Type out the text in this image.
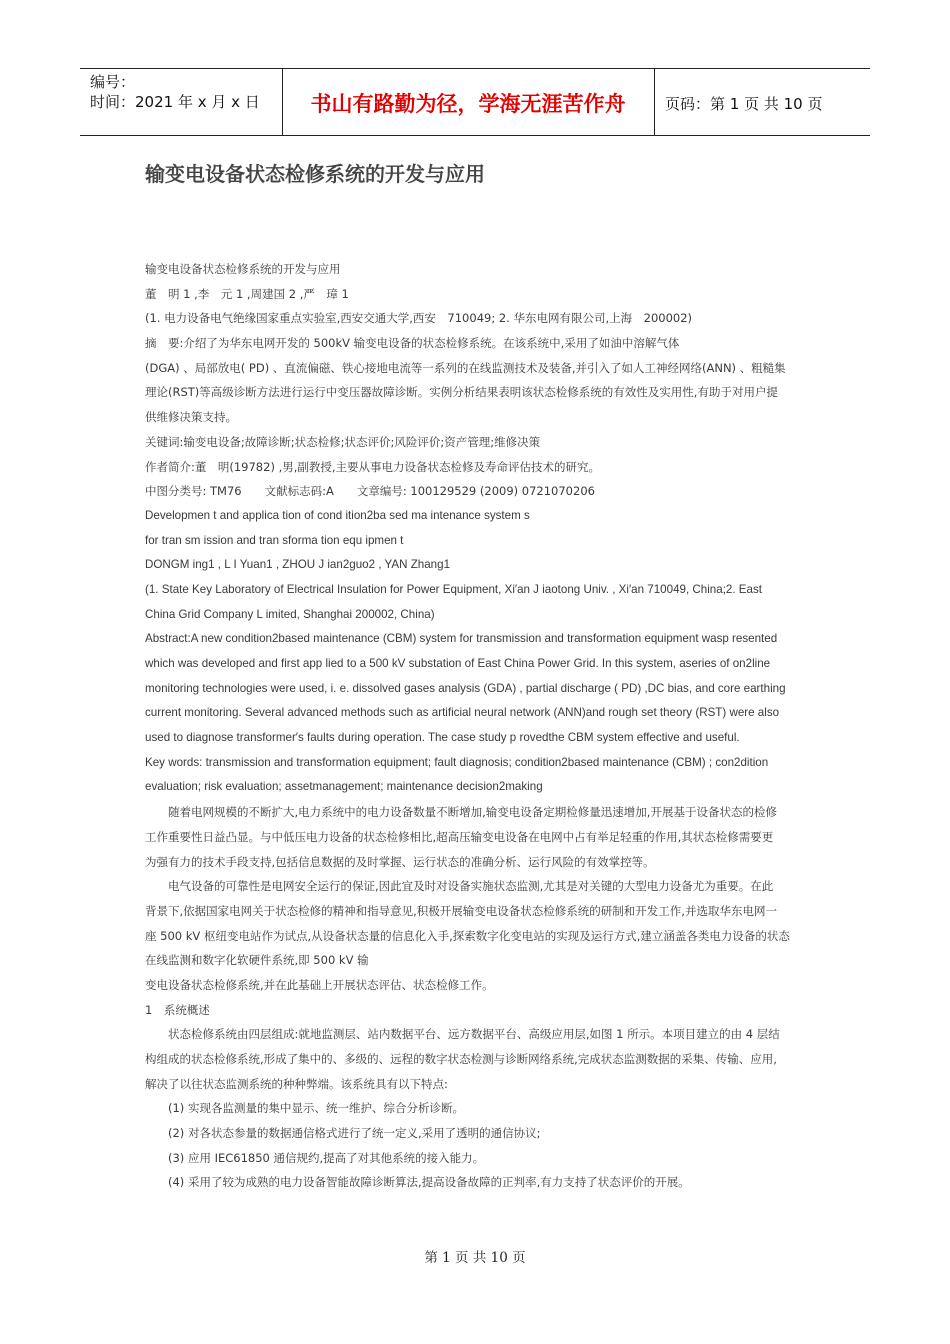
编号：
时间：2021 年 x 月 x 日	书山有路勤为径，学海无涯苦作舟	页码：第 1 页 共 10 页
输变电设备状态检修系统的开发与应用
输变电设备状态检修系统的开发与应用
董　明 1 ,李　元 1 ,周建国 2 ,严　璋 1
(1. 电力设备电气绝缘国家重点实验室,西安交通大学,西安　710049; 2. 华东电网有限公司,上海　200002)
摘　要:介绍了为华东电网开发的 500kV 输变电设备的状态检修系统。在该系统中,采用了如油中溶解气体
(DGA) 、局部放电( PD) 、直流偏磁、铁心接地电流等一系列的在线监测技术及装备,并引入了如人工神经网络(ANN) 、粗糙集
理论(RST)等高级诊断方法进行运行中变压器故障诊断。实例分析结果表明该状态检修系统的有效性及实用性,有助于对用户提
供维修决策支持。
关键词:输变电设备;故障诊断;状态检修;状态评价;风险评价;资产管理;维修决策
作者简介:董　明(19782) ,男,副教授,主要从事电力设备状态检修及寿命评估技术的研究。
中图分类号: TM76　　文献标志码:A　　文章编号: 100129529 (2009) 0721070206
Developmen t and applica tion of cond ition2ba sed ma intenance system s
for tran sm ission and tran sforma tion equ ipmen t
DONGM ing1 , L I Yuan1 , ZHOU J ian2guo2 , YAN Zhang1
(1. State Key Laboratory of Electrical Insulation for Power Equipment, Xi′an J iaotong Univ. , Xi′an 710049, China;2. East
China Grid Company L imited, Shanghai 200002, China)
Abstract:A new condition2based maintenance (CBM) system for transmission and transformation equipment wasp resented
which was developed and first app lied to a 500 kV substation of East China Power Grid. In this system, aseries of on2line
monitoring technologies were used, i. e. dissolved gases analysis (GDA) , partial discharge ( PD) ,DC bias, and core earthing
current monitoring. Several advanced methods such as artificial neural network (ANN)and rough set theory (RST) were also
used to diagnose transformer′s faults during operation. The case study p rovedthe CBM system effective and useful.
Key words: transmission and transformation equipment; fault diagnosis; condition2based maintenance (CBM) ; con2dition
evaluation; risk evaluation; assetmanagement; maintenance decision2making
随着电网规模的不断扩大,电力系统中的电力设备数量不断增加,输变电设备定期检修量迅速增加,开展基于设备状态的检修
工作重要性日益凸显。与中低压电力设备的状态检修相比,超高压输变电设备在电网中占有举足轻重的作用,其状态检修需要更
为强有力的技术手段支持,包括信息数据的及时掌握、运行状态的准确分析、运行风险的有效掌控等。
电气设备的可靠性是电网安全运行的保证,因此宜及时对设备实施状态监测,尤其是对关键的大型电力设备尤为重要。在此
背景下,依据国家电网关于状态检修的精神和指导意见,积极开展输变电设备状态检修系统的研制和开发工作,并选取华东电网一
座 500 kV 枢纽变电站作为试点,从设备状态量的信息化入手,探索数字化变电站的实现及运行方式,建立涵盖各类电力设备的状态
在线监测和数字化软硬件系统,即 500 kV 输
变电设备状态检修系统,并在此基础上开展状态评估、状态检修工作。
1　系统概述
状态检修系统由四层组成:就地监测层、站内数据平台、远方数据平台、高级应用层,如图 1 所示。本项目建立的由 4 层结
构组成的状态检修系统,形成了集中的、多级的、远程的数字状态检测与诊断网络系统,完成状态监测数据的采集、传输、应用,
解决了以往状态监测系统的种种弊端。该系统具有以下特点:
(1) 实现各监测量的集中显示、统一维护、综合分析诊断。
(2) 对各状态参量的数据通信格式进行了统一定义,采用了透明的通信协议;
(3) 应用 IEC61850 通信规约,提高了对其他系统的接入能力。
(4) 采用了较为成熟的电力设备智能故障诊断算法,提高设备故障的正判率,有力支持了状态评价的开展。
第 1 页 共 10 页
